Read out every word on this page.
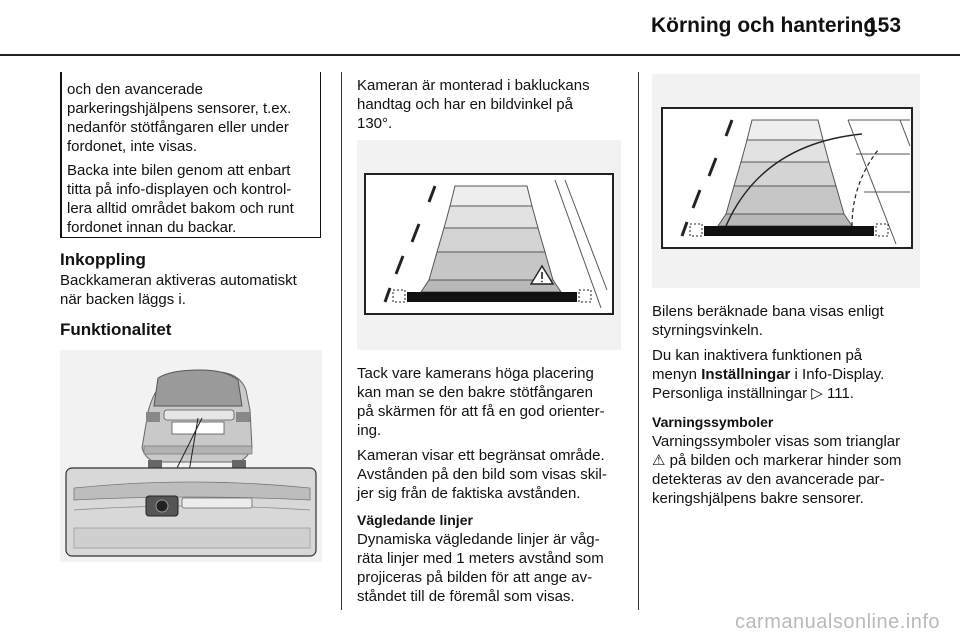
Körning och hantering
153
och den avancerade
parkeringshjälpens sensorer, t.ex.
nedanför stötfångaren eller under
fordonet, inte visas.
Backa inte bilen genom att enbart
titta på info-displayen och kontrol-
lera alltid området bakom och runt
fordonet innan du backar.
Inkoppling
Backkameran aktiveras automatiskt
när backen läggs i.
Funktionalitet
Kameran är monterad i bakluckans
handtag och har en bildvinkel på
130°.
Tack vare kamerans höga placering
kan man se den bakre stötfångaren
på skärmen för att få en god orienter-
ing.
Kameran visar ett begränsat område.
Avstånden på den bild som visas skil-
jer sig från de faktiska avstånden.
Vägledande linjer
Dynamiska vägledande linjer är våg-
räta linjer med 1 meters avstånd som
projiceras på bilden för att ange av-
ståndet till de föremål som visas.
Bilens beräknade bana visas enligt
styrningsvinkeln.
Du kan inaktivera funktionen på
menyn Inställningar i Info-Display.
Personliga inställningar ▷ 111.
Varningssymboler
Varningssymboler visas som trianglar
⚠ på bilden och markerar hinder som
detekteras av den avancerade par-
keringshjälpens bakre sensorer.
carmanualsonline.info
